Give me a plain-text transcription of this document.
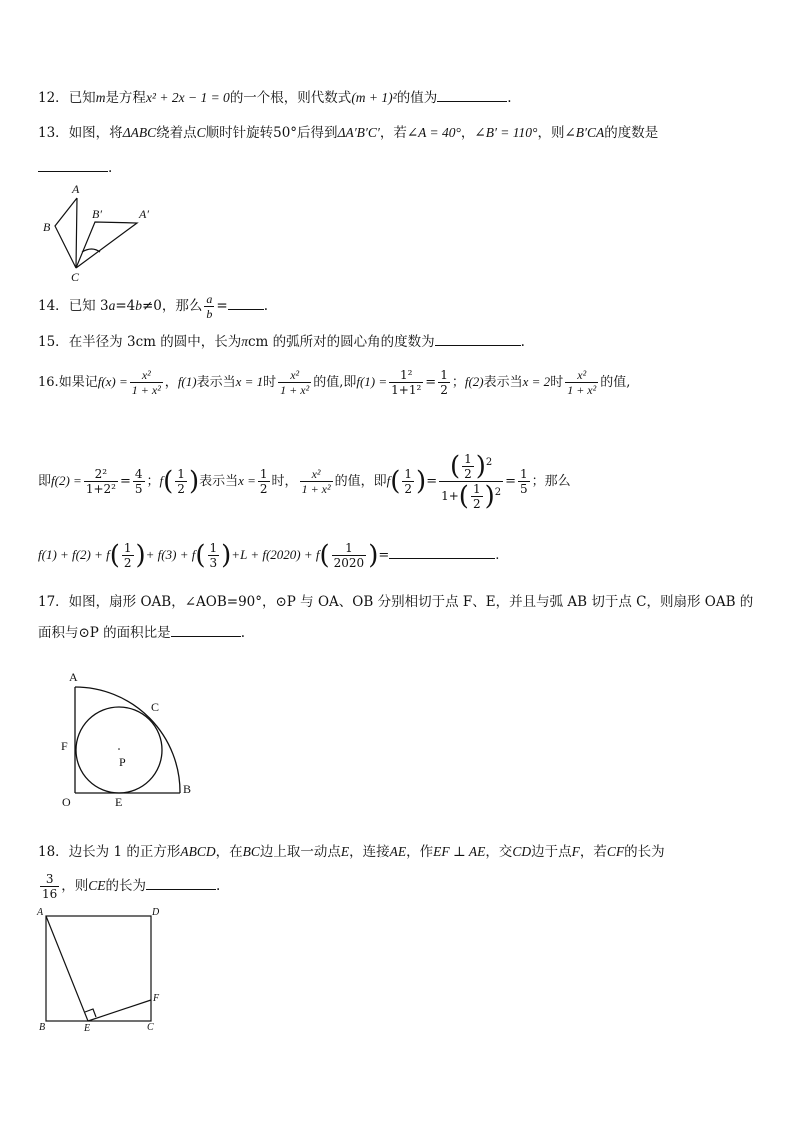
12．已知m是方程x² + 2x − 1 = 0的一个根，则代数式(m + 1)²的值为	.
13．如图，将ΔABC绕着点C顺时针旋转50°后得到ΔA′B′C′，若∠A = 40°，∠B′ = 110°，则∠B′CA的度数是
.
A
B
C
B′	A′
14．已知 3a=4b≠0，那么 $\frac{a}{b}$ =	.
15．在半径为 3cm 的圆中，长为πcm 的弧所对的圆心角的度数为	.
16.如果记$f(x) = \frac{\text{x²}}{\text{1 + x²}}$ ，f(1)表示当x = 1时 $\frac{\text{x²}}{\text{1 + x²}}$ 的值,即$f(1) = \frac{\text{1²}}{\text{1+1²}} = \frac{1}{2}$ ；f(2)表示当x = 2时 $\frac{\text{x²}}{\text{1 + x²}}$ 的值,
即$f(2) = \frac{\text{2²}}{\text{1+2²}} = \frac{4}{5}$ ；$f( \frac{1}{2}$ )表示当$x = \frac{1}{2}$ 时， $\frac{\text{x²}}{\text{1 + x²}}$ 的值，即$f( \frac{1}{2}$ )= $\frac{( \frac{1}{2} )^2}{1+( \frac{1}{2} )^2} = \frac{1}{5}$ ；那么
$f(1) + f(2) + f( \frac{1}{2}$ )+ $f(3) + f( \frac{1}{3} )+L + f(2020) + f( \frac{1}{2020}$ )=	.
17．如图，扇形 OAB，∠AOB=90°，⊙P 与 OA、OB 分别相切于点 F、E，并且与弧 AB 切于点 C，则扇形 OAB 的
面积与⊙P 的面积比是	.
A
C
F
P
O	E
B
18．边长为 1 的正方形ABCD，在BC边上取一动点E，连接AE，作EF ⊥ AE，交CD边于点F，若CF的长为
$\frac{3}{16}$ ，则CE的长为	.
A	D
F
B	E	C
